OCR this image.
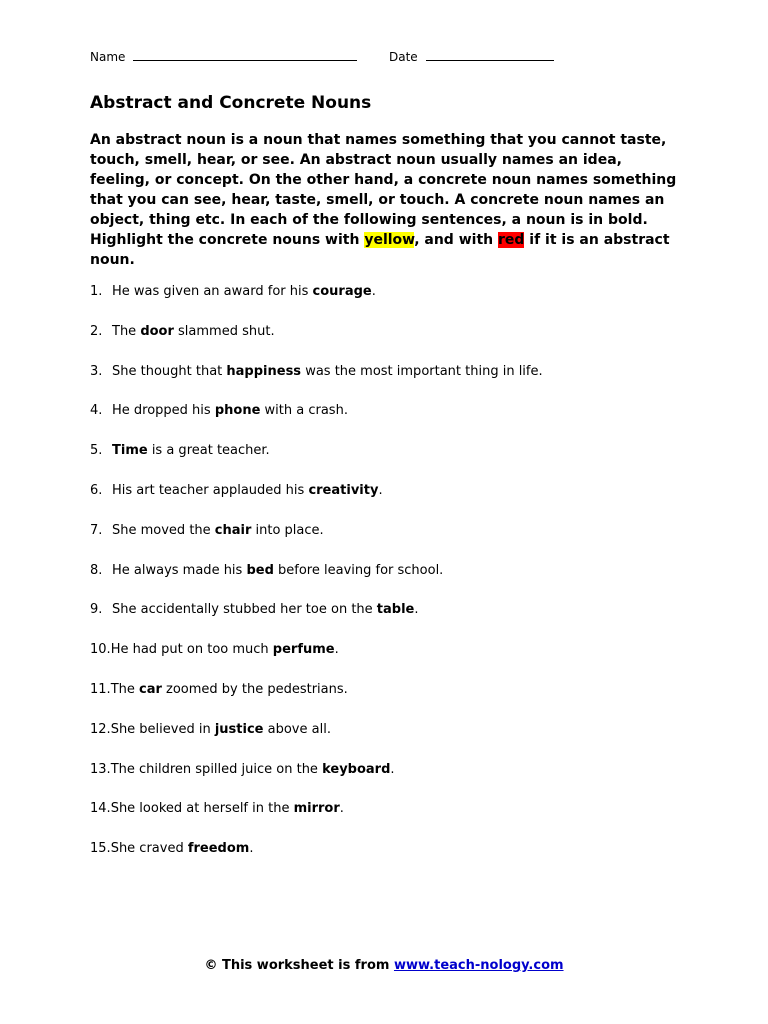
Name	Date
Abstract and Concrete Nouns

An abstract noun is a noun that names something that you cannot taste, touch, smell, hear, or see. An abstract noun usually names an idea, feeling, or concept. On the other hand, a concrete noun names something that you can see, hear, taste, smell, or touch. A concrete noun names an object, thing etc. In each of the following sentences, a noun is in bold. Highlight the concrete nouns with yellow, and with red if it is an abstract noun.

1. He was given an award for his courage.
2. The door slammed shut.
3. She thought that happiness was the most important thing in life.
4. He dropped his phone with a crash.
5. Time is a great teacher.
6. His art teacher applauded his creativity.
7. She moved the chair into place.
8. He always made his bed before leaving for school.
9. She accidentally stubbed her toe on the table.
10.He had put on too much perfume.
11.The car zoomed by the pedestrians.
12.She believed in justice above all.
13.The children spilled juice on the keyboard.
14.She looked at herself in the mirror.
15.She craved freedom.
© This worksheet is from www.teach-nology.com
